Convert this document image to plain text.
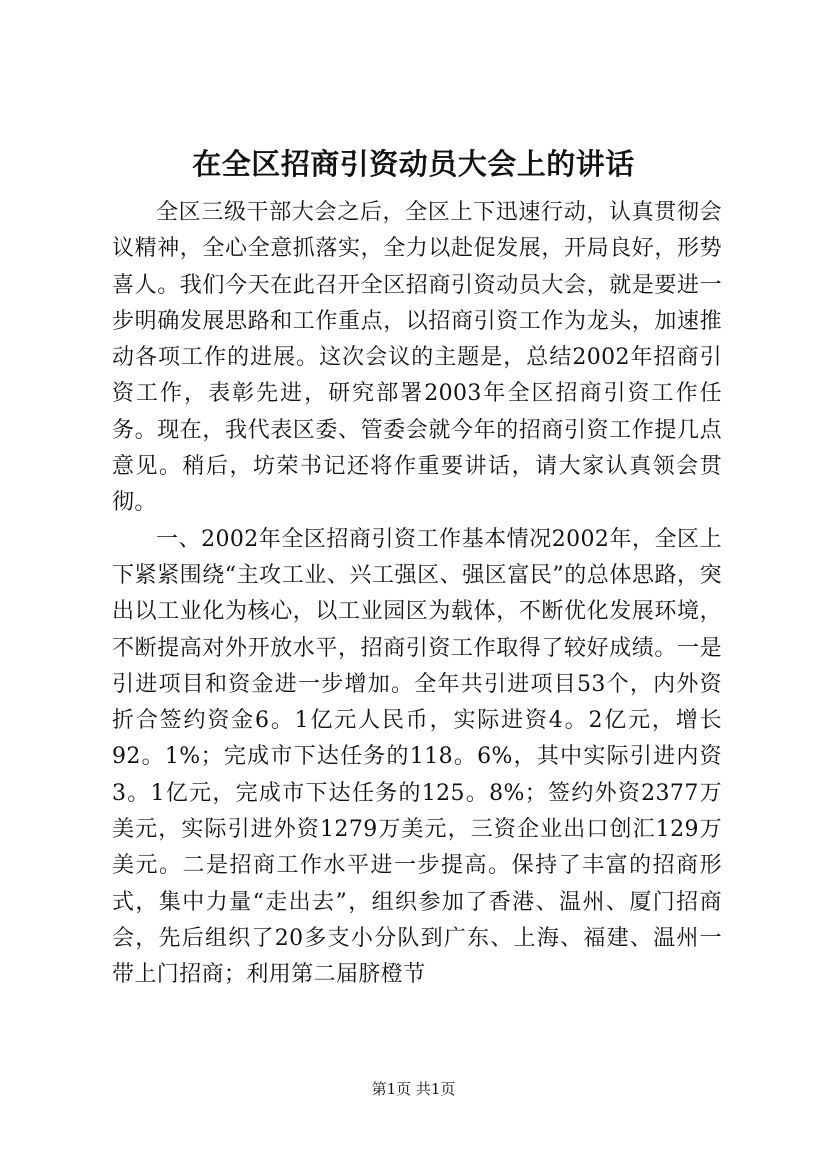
在全区招商引资动员大会上的讲话

全区三级干部大会之后，全区上下迅速行动，认真贯彻会议精神，全心全意抓落实，全力以赴促发展，开局良好，形势喜人。我们今天在此召开全区招商引资动员大会，就是要进一步明确发展思路和工作重点，以招商引资工作为龙头，加速推动各项工作的进展。这次会议的主题是，总结2002年招商引资工作，表彰先进，研究部署2003年全区招商引资工作任务。现在，我代表区委、管委会就今年的招商引资工作提几点意见。稍后，坊荣书记还将作重要讲话，请大家认真领会贯彻。

一、2002年全区招商引资工作基本情况2002年，全区上下紧紧围绕“主攻工业、兴工强区、强区富民”的总体思路，突出以工业化为核心，以工业园区为载体，不断优化发展环境，不断提高对外开放水平，招商引资工作取得了较好成绩。一是引进项目和资金进一步增加。全年共引进项目53个，内外资折合签约资金6。1亿元人民币，实际进资4。2亿元，增长92。1%；完成市下达任务的118。6%，其中实际引进内资3。1亿元，完成市下达任务的125。8%；签约外资2377万美元，实际引进外资1279万美元，三资企业出口创汇129万美元。二是招商工作水平进一步提高。保持了丰富的招商形式，集中力量“走出去”，组织参加了香港、温州、厦门招商会，先后组织了20多支小分队到广东、上海、福建、温州一带上门招商；利用第二届脐橙节

第1页 共1页
